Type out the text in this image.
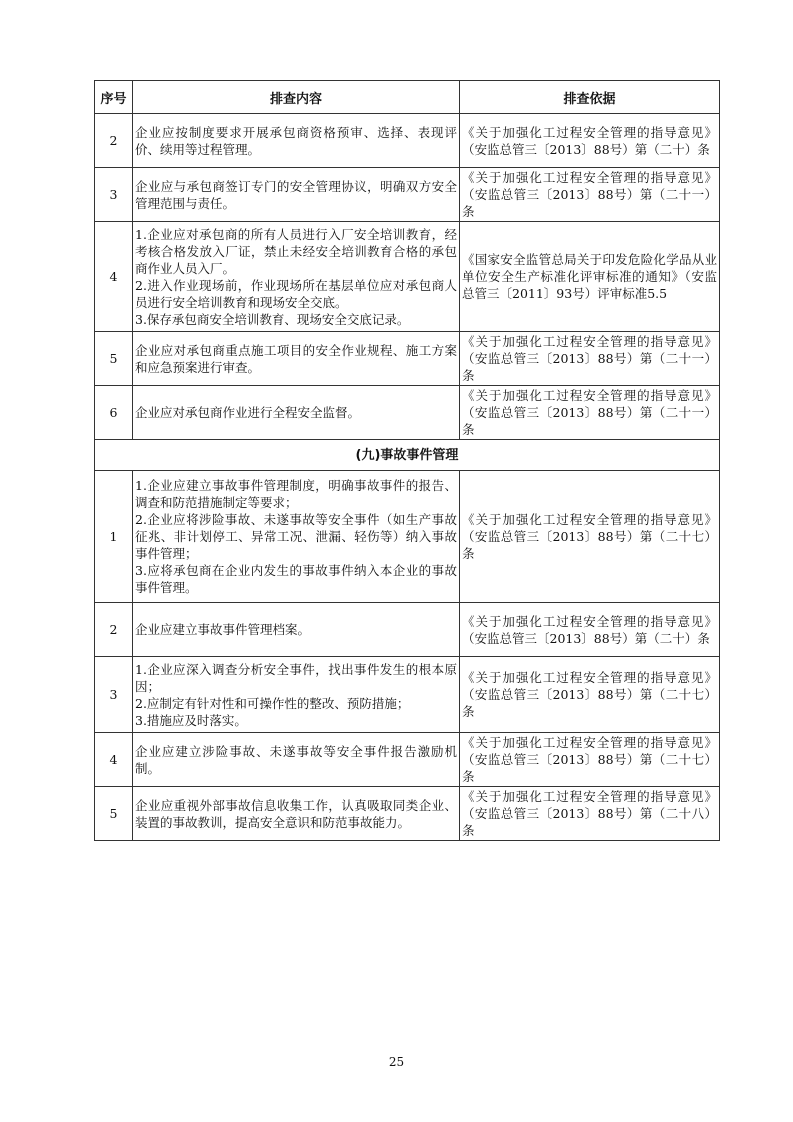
序号	排查内容	排查依据
2	企业应按制度要求开展承包商资格预审、选择、表现评价、续用等过程管理。	《关于加强化工过程安全管理的指导意见》（安监总管三〔2013〕88号）第（二十）条
3	企业应与承包商签订专门的安全管理协议，明确双方安全管理范围与责任。	《关于加强化工过程安全管理的指导意见》（安监总管三〔2013〕88号）第（二十一）条
4	1.企业应对承包商的所有人员进行入厂安全培训教育，经考核合格发放入厂证，禁止未经安全培训教育合格的承包商作业人员入厂。
2.进入作业现场前，作业现场所在基层单位应对承包商人员进行安全培训教育和现场安全交底。
3.保存承包商安全培训教育、现场安全交底记录。	《国家安全监管总局关于印发危险化学品从业单位安全生产标准化评审标准的通知》（安监总管三〔2011〕93号）评审标准5.5
5	企业应对承包商重点施工项目的安全作业规程、施工方案和应急预案进行审查。	《关于加强化工过程安全管理的指导意见》（安监总管三〔2013〕88号）第（二十一）条
6	企业应对承包商作业进行全程安全监督。	《关于加强化工过程安全管理的指导意见》（安监总管三〔2013〕88号）第（二十一）条
(九)事故事件管理		
1	1.企业应建立事故事件管理制度，明确事故事件的报告、调查和防范措施制定等要求；
2.企业应将涉险事故、未遂事故等安全事件（如生产事故征兆、非计划停工、异常工况、泄漏、轻伤等）纳入事故事件管理；
3.应将承包商在企业内发生的事故事件纳入本企业的事故事件管理。	《关于加强化工过程安全管理的指导意见》（安监总管三〔2013〕88号）第（二十七）条
2	企业应建立事故事件管理档案。	《关于加强化工过程安全管理的指导意见》（安监总管三〔2013〕88号）第（二十）条
3	1.企业应深入调查分析安全事件，找出事件发生的根本原因；
2.应制定有针对性和可操作性的整改、预防措施；
3.措施应及时落实。	《关于加强化工过程安全管理的指导意见》（安监总管三〔2013〕88号）第（二十七）条
4	企业应建立涉险事故、未遂事故等安全事件报告激励机制。	《关于加强化工过程安全管理的指导意见》（安监总管三〔2013〕88号）第（二十七）条
5	企业应重视外部事故信息收集工作，认真吸取同类企业、装置的事故教训，提高安全意识和防范事故能力。	《关于加强化工过程安全管理的指导意见》（安监总管三〔2013〕88号）第（二十八）条
25
